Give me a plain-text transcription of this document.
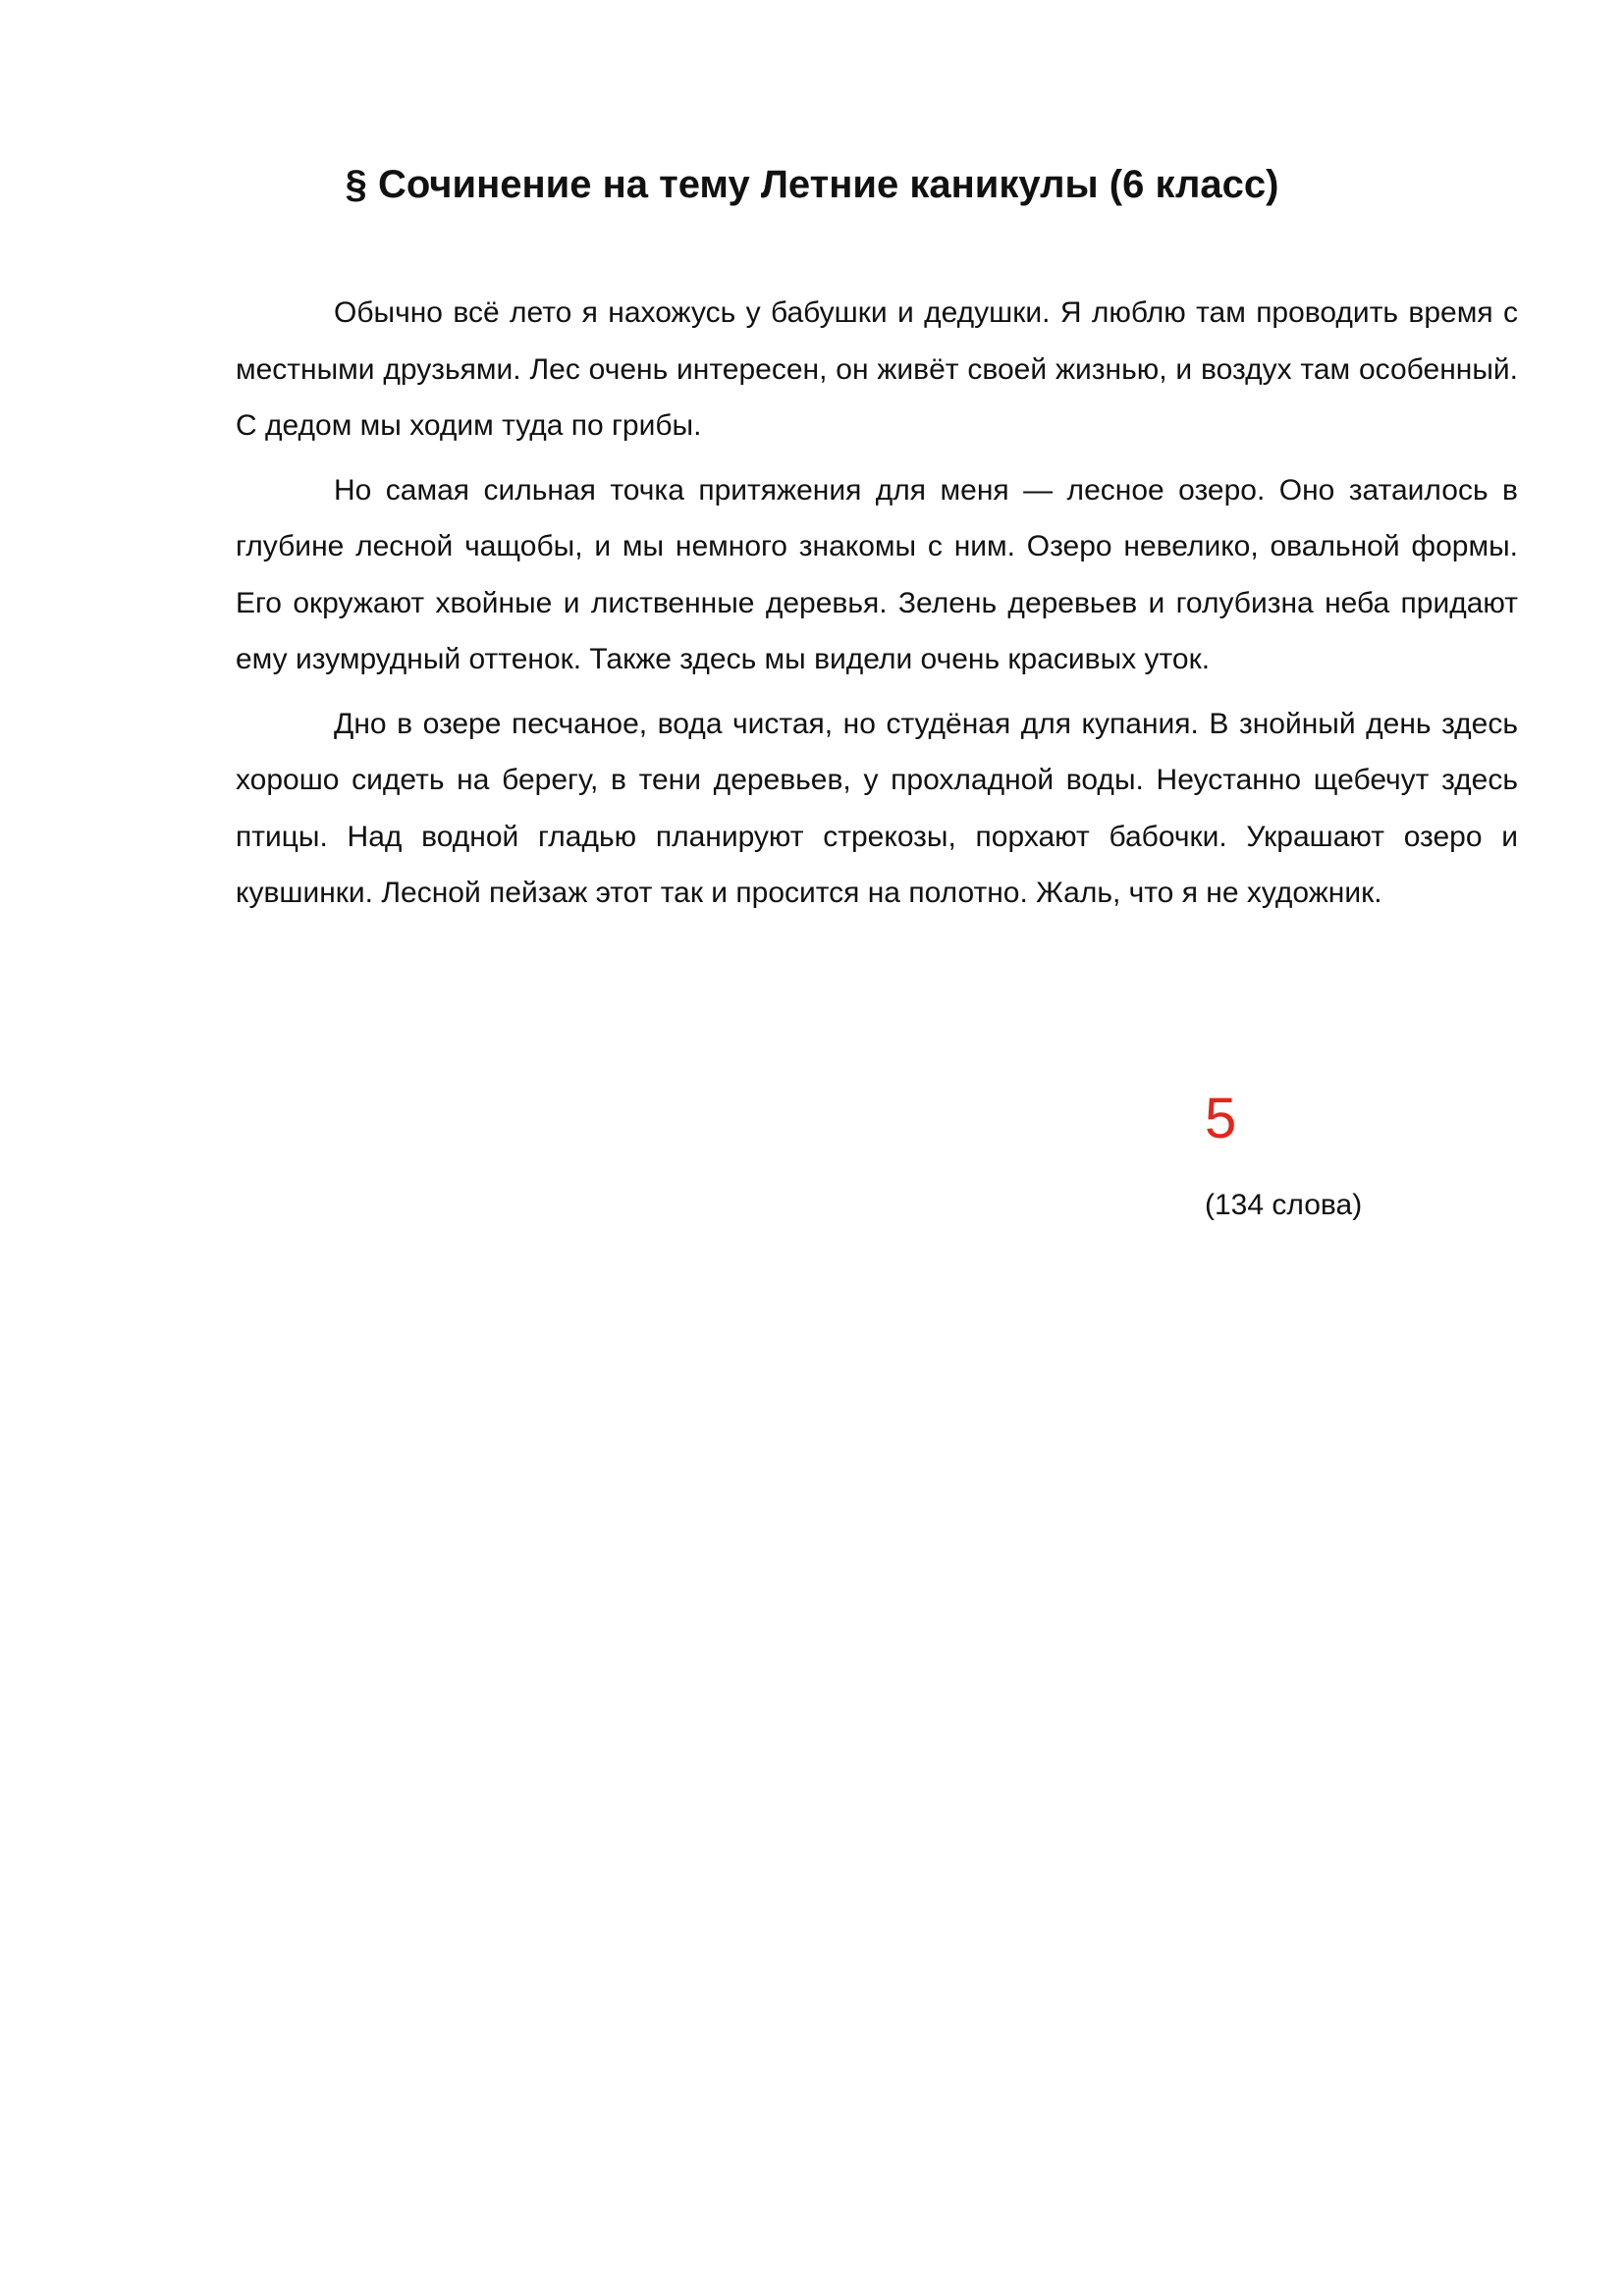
§ Сочинение на тему Летние каникулы (6 класс)

Обычно всё лето я нахожусь у бабушки и дедушки. Я люблю там проводить время с местными друзьями. Лес очень интересен, он живёт своей жизнью, и воздух там особенный. С дедом мы ходим туда по грибы.

Но самая сильная точка притяжения для меня — лесное озеро. Оно затаилось в глубине лесной чащобы, и мы немного знакомы с ним. Озеро невелико, овальной формы. Его окружают хвойные и лиственные деревья. Зелень деревьев и голубизна неба придают ему изумрудный оттенок. Также здесь мы видели очень красивых уток.

Дно в озере песчаное, вода чистая, но студёная для купания. В знойный день здесь хорошо сидеть на берегу, в тени деревьев, у прохладной воды. Неустанно щебечут здесь птицы. Над водной гладью планируют стрекозы, порхают бабочки. Украшают озеро и кувшинки. Лесной пейзаж этот так и просится на полотно. Жаль, что я не художник.

5
(134 слова)
